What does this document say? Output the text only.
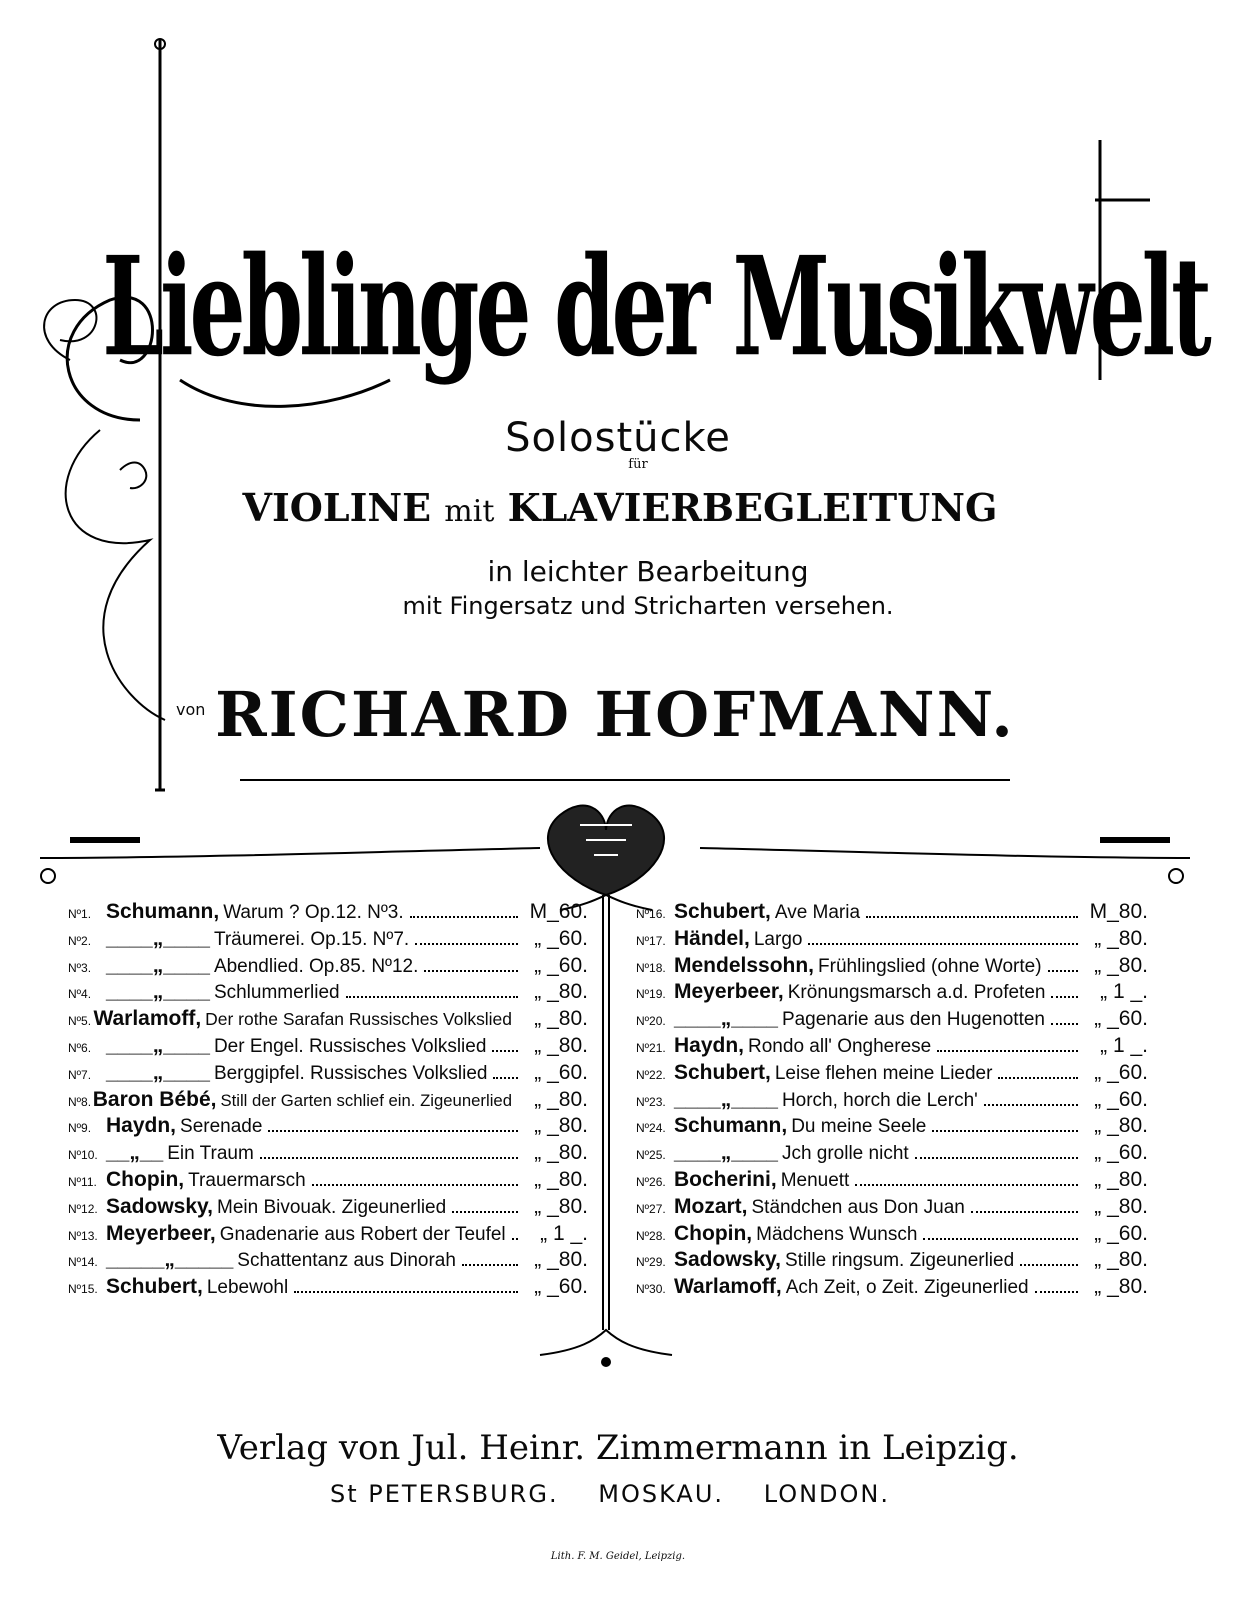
Lieblinge der Musikwelt
Solostücke
für
VIOLINE mit KLAVIERBEGLEITUNG
in leichter Bearbeitung
mit Fingersatz und Stricharten versehen.
von RICHARD HOFMANN.
Nº1. Schumann, Warum ? Op.12. Nº3.	M_60.
Nº2. ____„____ Träumerei. Op.15. Nº7.	„ _60.
Nº3. ____„____ Abendlied. Op.85. Nº12.	„ _60.
Nº4. ____„____ Schlummerlied	„ _80.
Nº5. Warlamoff, Der rothe Sarafan Russisches Volkslied	„ _80.
Nº6. ____„____ Der Engel. Russisches Volkslied	„ _80.
Nº7. ____„____ Berggipfel. Russisches Volkslied	„ _60.
Nº8. Baron Bébé, Still der Garten schlief ein. Zigeunerlied	„ _80.
Nº9. Haydn, Serenade	„ _80.
Nº10. __„__ Ein Traum	„ _80.
Nº11. Chopin, Trauermarsch	„ _80.
Nº12. Sadowsky, Mein Bivouak. Zigeunerlied	„ _80.
Nº13. Meyerbeer, Gnadenarie aus Robert der Teufel	„ 1 _.
Nº14. _____„_____ Schattentanz aus Dinorah	„ _80.
Nº15. Schubert, Lebewohl	„ _60.
Nº16. Schubert, Ave Maria	M_80.
Nº17. Händel, Largo	„ _80.
Nº18. Mendelssohn, Frühlingslied (ohne Worte)	„ _80.
Nº19. Meyerbeer, Krönungsmarsch a.d. Profeten	„ 1 _.
Nº20. ____„____ Pagenarie aus den Hugenotten	„ _60.
Nº21. Haydn, Rondo all' Ongherese	„ 1 _.
Nº22. Schubert, Leise flehen meine Lieder	„ _60.
Nº23. ____„____ Horch, horch die Lerch'	„ _60.
Nº24. Schumann, Du meine Seele	„ _80.
Nº25. ____„____ Jch grolle nicht	„ _60.
Nº26. Bocherini, Menuett	„ _80.
Nº27. Mozart, Ständchen aus Don Juan	„ _80.
Nº28. Chopin, Mädchens Wunsch	„ _60.
Nº29. Sadowsky, Stille ringsum. Zigeunerlied	„ _80.
Nº30. Warlamoff, Ach Zeit, o Zeit. Zigeunerlied	„ _80.
Verlag von Jul. Heinr. Zimmermann in Leipzig.
St PETERSBURG. MOSKAU. LONDON.
Lith. F. M. Geidel, Leipzig.
